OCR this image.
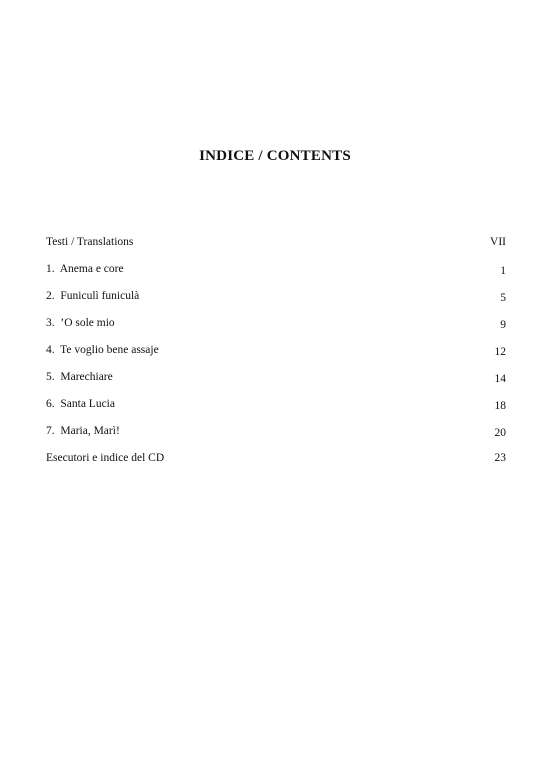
INDICE / CONTENTS
Testi / Translations	VII
1.  Anema e core	1
2.  Funiculì funiculà	5
3.  ’O sole mio	9
4.  Te voglio bene assaje	12
5.  Marechiare	14
6.  Santa Lucia	18
7.  Maria, Marì!	20
Esecutori e indice del CD	23
